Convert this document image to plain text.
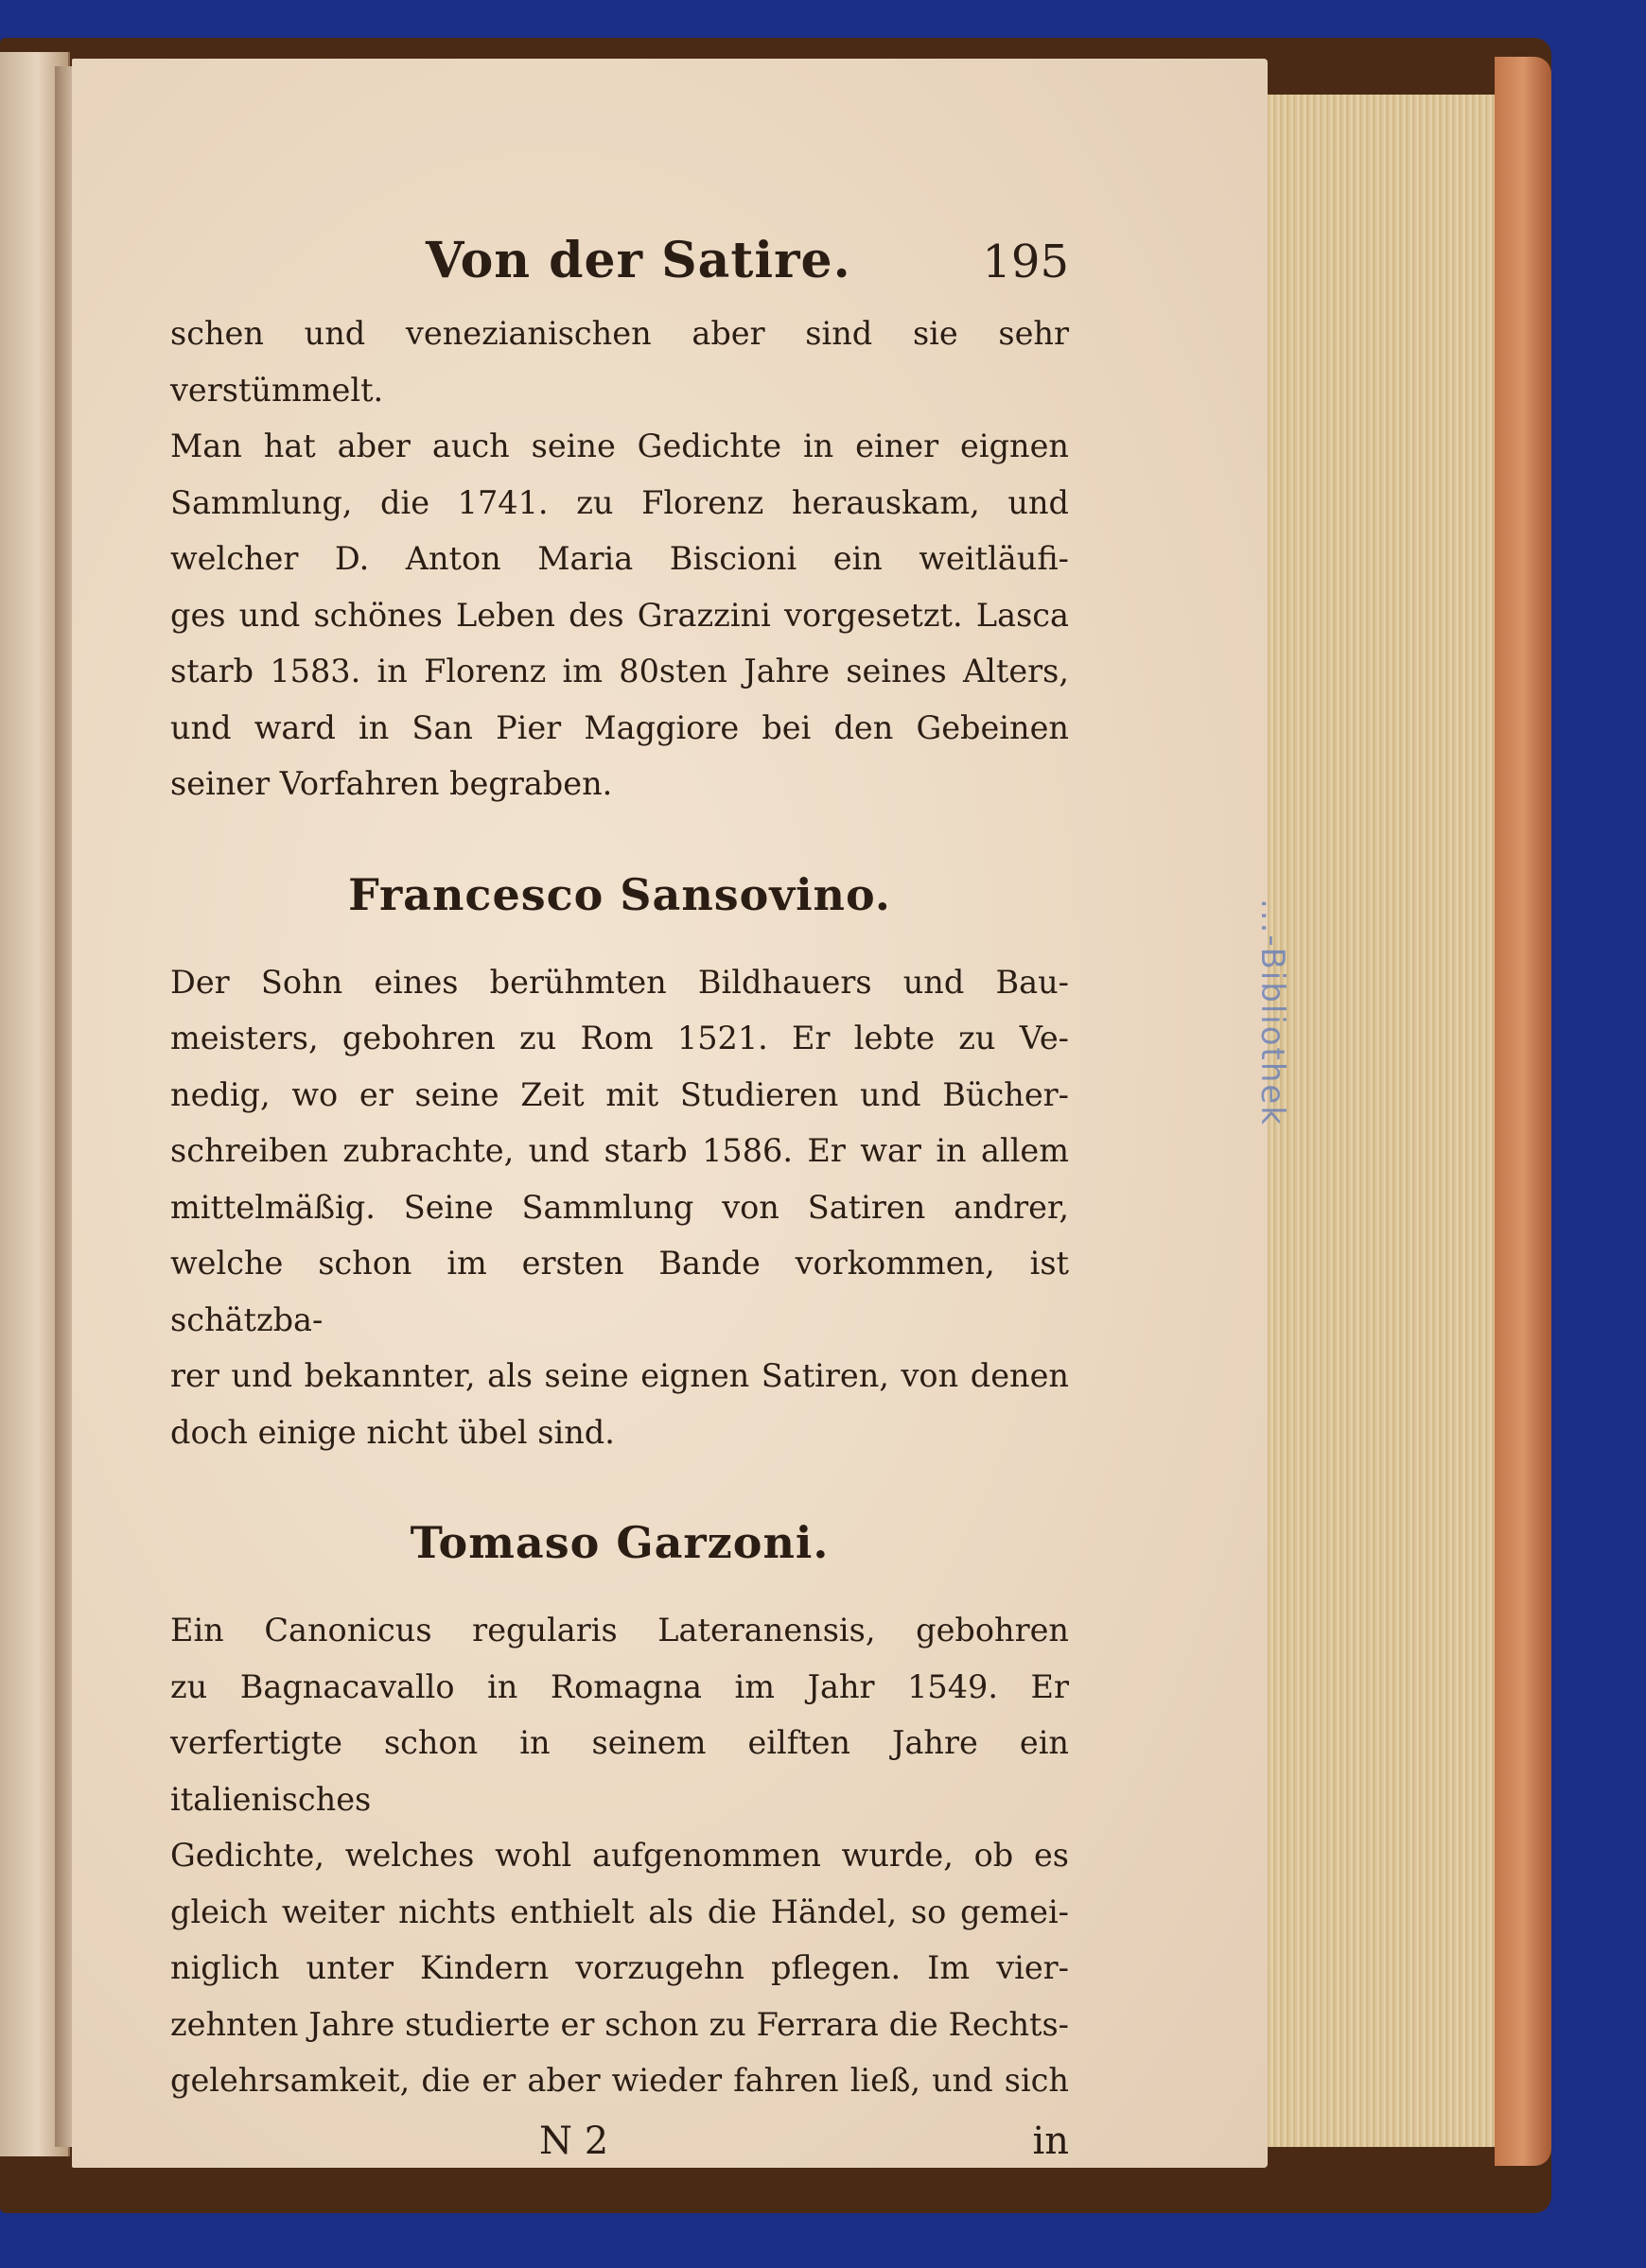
...-Bibliothek
Von der Satire.	195

schen und venezianischen aber sind sie sehr verstümmelt.
Man hat aber auch seine Gedichte in einer eignen
Sammlung, die 1741. zu Florenz herauskam, und
welcher D. Anton Maria Biscioni ein weitläufi-
ges und schönes Leben des Grazzini vorgesetzt. Lasca
starb 1583. in Florenz im 80sten Jahre seines Alters,
und ward in San Pier Maggiore bei den Gebeinen
seiner Vorfahren begraben.

Francesco Sansovino.

Der Sohn eines berühmten Bildhauers und Bau-
meisters, gebohren zu Rom 1521. Er lebte zu Ve-
nedig, wo er seine Zeit mit Studieren und Bücher-
schreiben zubrachte, und starb 1586. Er war in allem
mittelmäßig. Seine Sammlung von Satiren andrer,
welche schon im ersten Bande vorkommen, ist schätzba-
rer und bekannter, als seine eignen Satiren, von denen
doch einige nicht übel sind.

Tomaso Garzoni.

Ein Canonicus regularis Lateranensis, gebohren
zu Bagnacavallo in Romagna im Jahr 1549. Er
verfertigte schon in seinem eilften Jahre ein italienisches
Gedichte, welches wohl aufgenommen wurde, ob es
gleich weiter nichts enthielt als die Händel, so gemei-
niglich unter Kindern vorzugehn pflegen. Im vier-
zehnten Jahre studierte er schon zu Ferrara die Rechts-
gelehrsamkeit, die er aber wieder fahren ließ, und sich

N 2	in
